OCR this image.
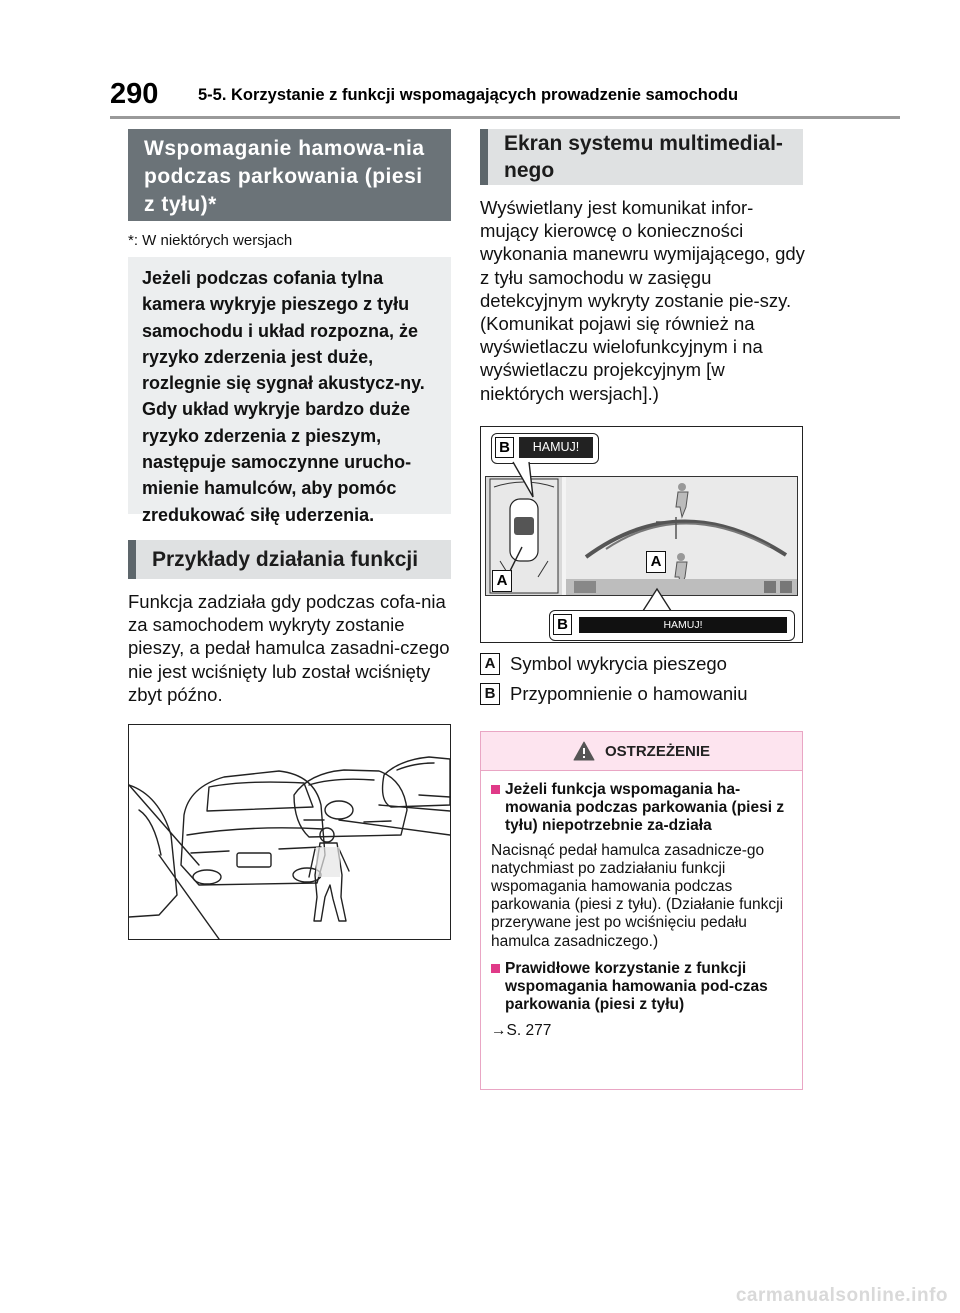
290 5-5. Korzystanie z funkcji wspomagających prowadzenie samochodu
Wspomaganie hamowa-nia podczas parkowania (piesi z tyłu)*
*: W niektórych wersjach
Jeżeli podczas cofania tylna kamera wykryje pieszego z tyłu samochodu i układ rozpozna, że ryzyko zderzenia jest duże, rozlegnie się sygnał akustycz-ny. Gdy układ wykryje bardzo duże ryzyko zderzenia z pieszym, następuje samoczynne urucho-mienie hamulców, aby pomóc zredukować siłę uderzenia.
Przykłady działania funkcji
Funkcja zadziała gdy podczas cofa-nia za samochodem wykryty zostanie pieszy, a pedał hamulca zasadni-czego nie jest wciśnięty lub został wciśnięty zbyt późno.
Ekran systemu multimedial-nego
Wyświetlany jest komunikat infor-mujący kierowcę o konieczności wykonania manewru wymijającego, gdy z tyłu samochodu w zasięgu detekcyjnym wykryty zostanie pie-szy. (Komunikat pojawi się również na wyświetlaczu wielofunkcyjnym i na wyświetlaczu projekcyjnym [w niektórych wersjach].)
B	HAMUJ!
A
A
B	HAMUJ!
A Symbol wykrycia pieszego
B Przypomnienie o hamowaniu
OSTRZEŻENIE
Jeżeli funkcja wspomagania ha-mowania podczas parkowania (piesi z tyłu) niepotrzebnie za-działa
Nacisnąć pedał hamulca zasadnicze-go natychmiast po zadziałaniu funkcji wspomagania hamowania podczas parkowania (piesi z tyłu). (Działanie funkcji przerywane jest po wciśnięciu pedału hamulca zasadniczego.)
Prawidłowe korzystanie z funkcji wspomagania hamowania pod-czas parkowania (piesi z tyłu)
→S. 277
carmanualsonline.info
